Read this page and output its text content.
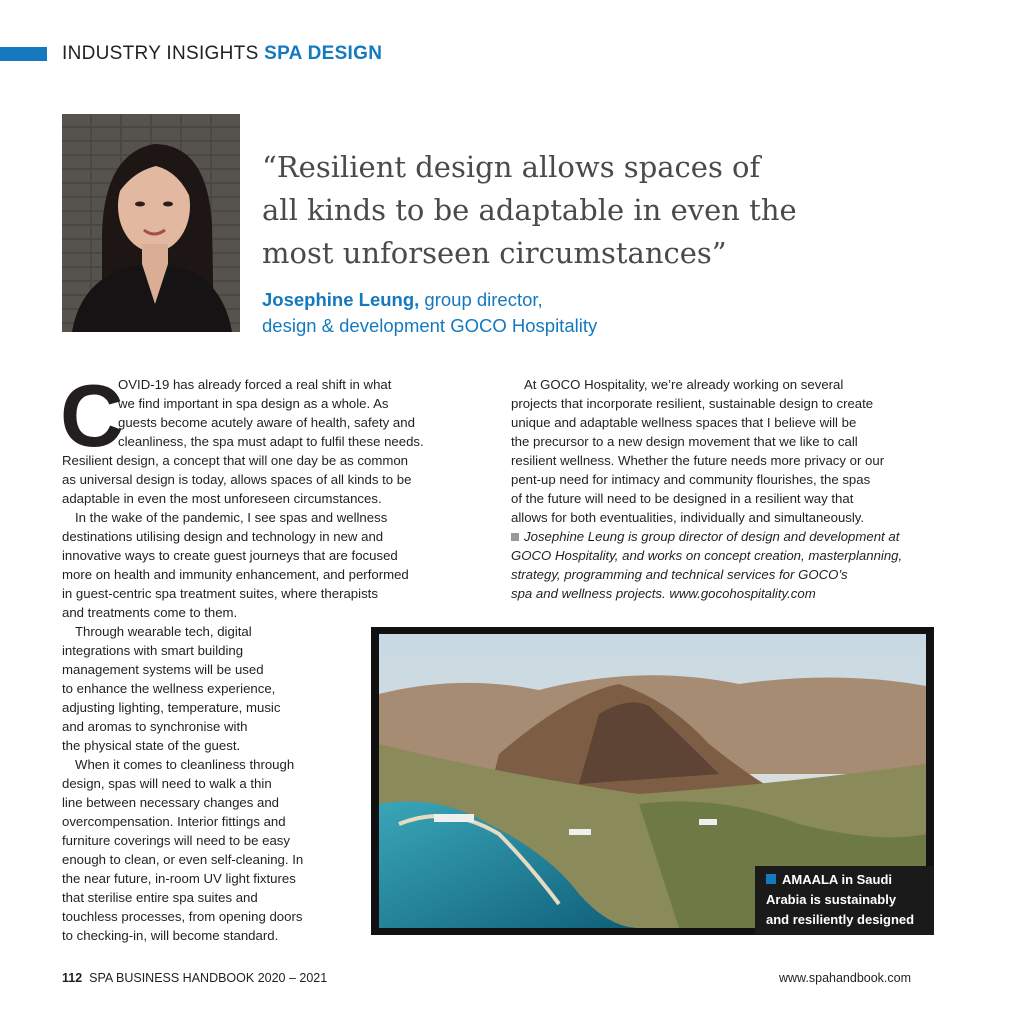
INDUSTRY INSIGHTS SPA DESIGN
“Resilient design allows spaces of
all kinds to be adaptable in even the
most unforseen circumstances”
Josephine Leung, group director,
design & development GOCO Hospitality
C
OVID-19 has already forced a real shift in what
we find important in spa design as a whole. As
guests become acutely aware of health, safety and
cleanliness, the spa must adapt to fulfil these needs.
Resilient design, a concept that will one day be as common
as universal design is today, allows spaces of all kinds to be
adaptable in even the most unforeseen circumstances.
In the wake of the pandemic, I see spas and wellness
destinations utilising design and technology in new and
innovative ways to create guest journeys that are focused
more on health and immunity enhancement, and performed
in guest-centric spa treatment suites, where therapists
and treatments come to them.
Through wearable tech, digital
integrations with smart building
management systems will be used
to enhance the wellness experience,
adjusting lighting, temperature, music
and aromas to synchronise with
the physical state of the guest.
When it comes to cleanliness through
design, spas will need to walk a thin
line between necessary changes and
overcompensation. Interior fittings and
furniture coverings will need to be easy
enough to clean, or even self-cleaning. In
the near future, in-room UV light fixtures
that sterilise entire spa suites and
touchless processes, from opening doors
to checking-in, will become standard.
At GOCO Hospitality, we’re already working on several
projects that incorporate resilient, sustainable design to create
unique and adaptable wellness spaces that I believe will be
the precursor to a new design movement that we like to call
resilient wellness. Whether the future needs more privacy or our
pent-up need for intimacy and community flourishes, the spas
of the future will need to be designed in a resilient way that
allows for both eventualities, individually and simultaneously.
Josephine Leung is group director of design and development at
GOCO Hospitality, and works on concept creation, masterplanning,
strategy, programming and technical services for GOCO’s
spa and wellness projects. www.gocohospitality.com
AMAALA in Saudi
Arabia is sustainably
and resiliently designed
112 SPA BUSINESS HANDBOOK 2020 – 2021	www.spahandbook.com
